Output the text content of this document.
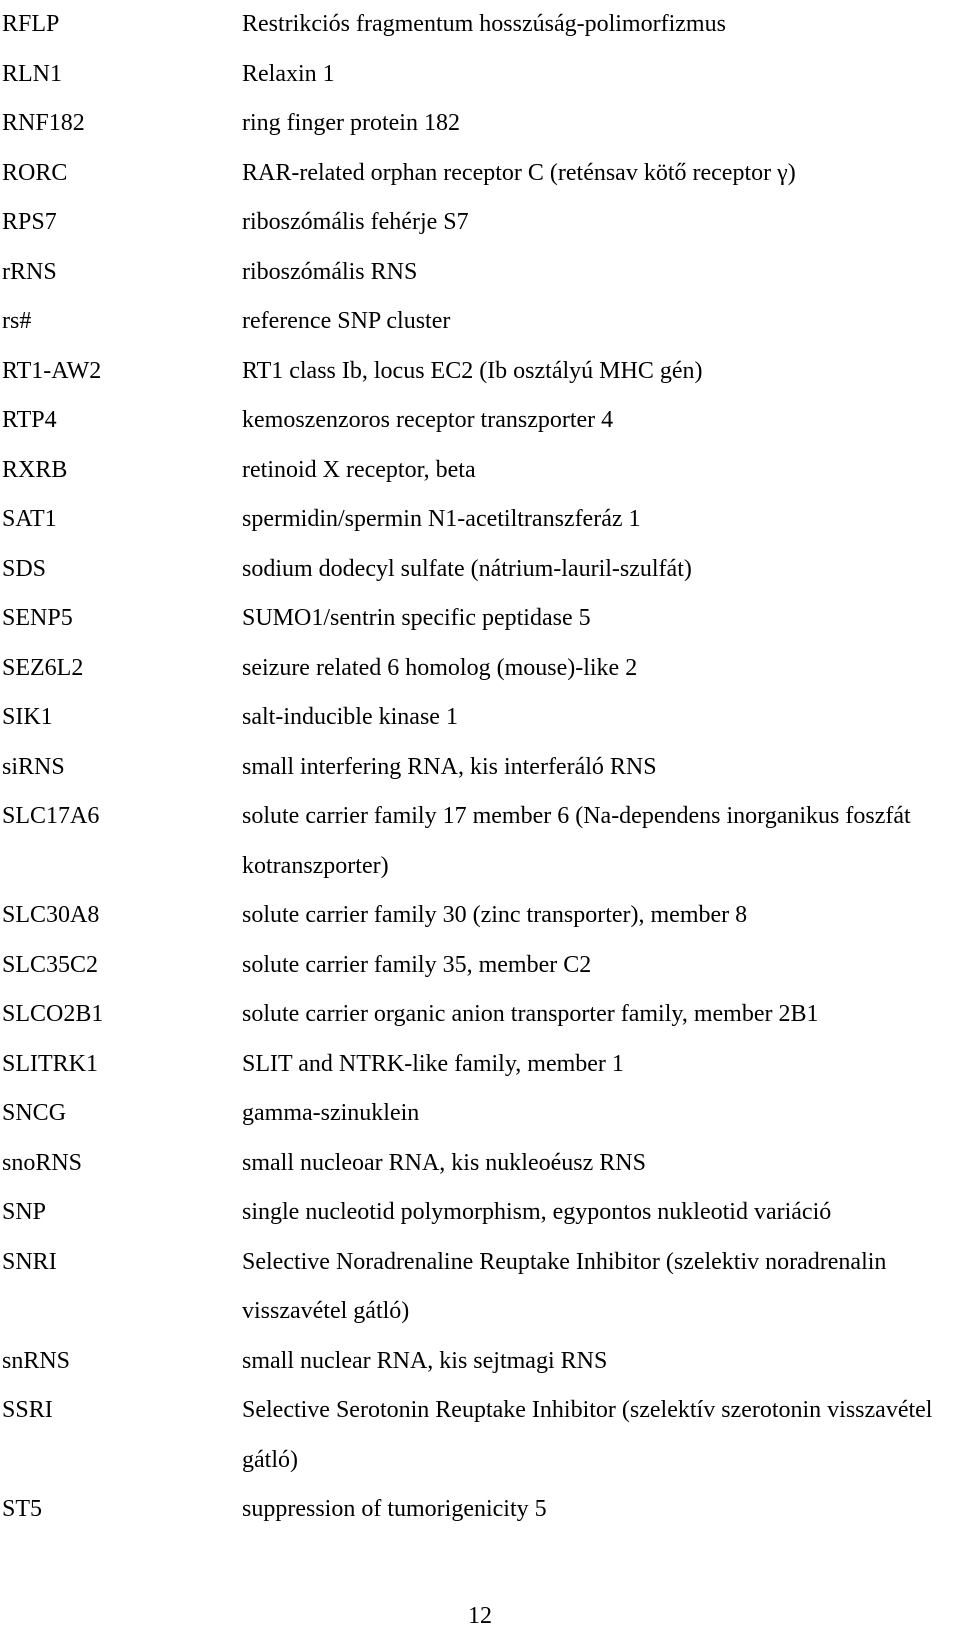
RFLP	Restrikciós fragmentum hosszúság-polimorfizmus
RLN1	Relaxin 1
RNF182	ring finger protein 182
RORC	RAR-related orphan receptor C (reténsav kötő receptor γ)
RPS7	riboszómális fehérje S7
rRNS	riboszómális RNS
rs#	reference SNP cluster
RT1-AW2	RT1 class Ib, locus EC2 (Ib osztályú MHC gén)
RTP4	kemoszenzoros receptor transzporter 4
RXRB	retinoid X receptor, beta
SAT1	spermidin/spermin N1-acetiltranszferáz 1
SDS	sodium dodecyl sulfate (nátrium-lauril-szulfát)
SENP5	SUMO1/sentrin specific peptidase 5
SEZ6L2	seizure related 6 homolog (mouse)-like 2
SIK1	salt-inducible kinase 1
siRNS	small interfering RNA, kis interferáló RNS
SLC17A6	solute carrier family 17 member 6 (Na-dependens inorganikus foszfát kotranszporter)
SLC30A8	solute carrier family 30 (zinc transporter), member 8
SLC35C2	solute carrier family 35, member C2
SLCO2B1	solute carrier organic anion transporter family, member 2B1
SLITRK1	SLIT and NTRK-like family, member 1
SNCG	gamma-szinuklein
snoRNS	small nucleoar RNA, kis nukleoéusz RNS
SNP	single nucleotid polymorphism, egypontos nukleotid variáció
SNRI	Selective Noradrenaline Reuptake Inhibitor (szelektiv noradrenalin visszavétel gátló)
snRNS	small nuclear RNA, kis sejtmagi RNS
SSRI	Selective Serotonin Reuptake Inhibitor (szelektív szerotonin visszavétel gátló)
ST5	suppression of tumorigenicity 5
12
